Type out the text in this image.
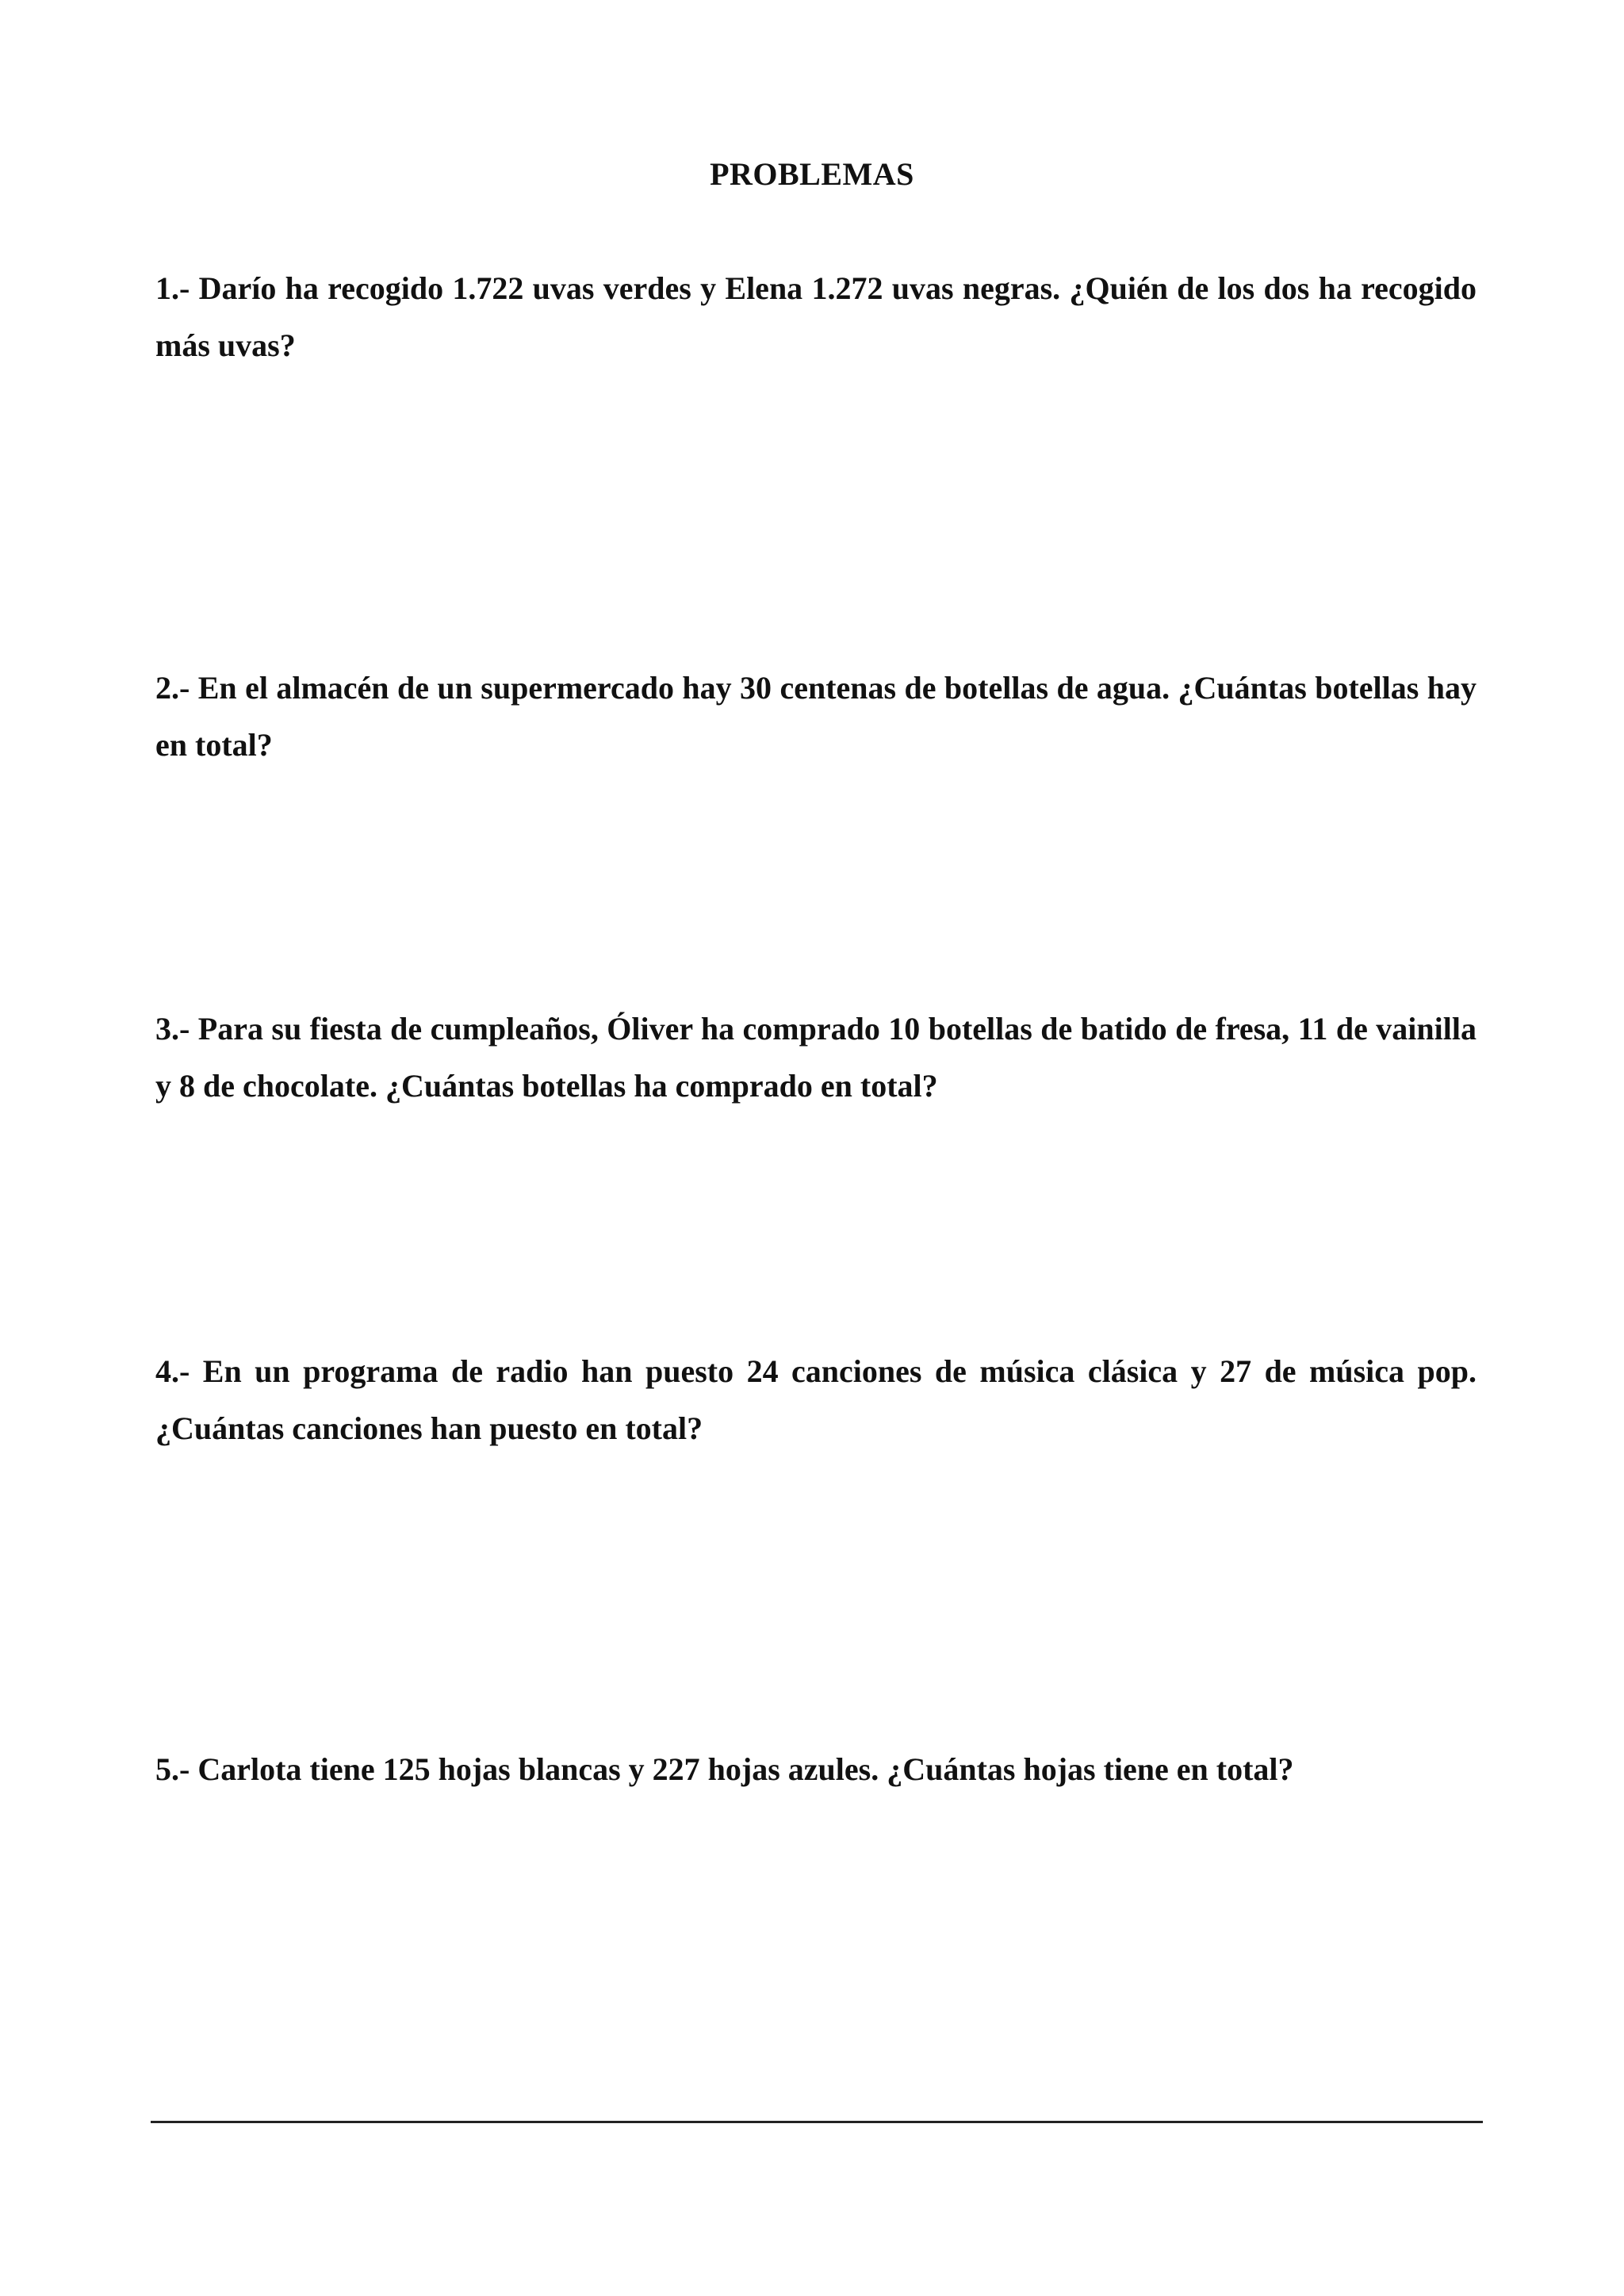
PROBLEMAS

1.- Darío ha recogido 1.722 uvas verdes y Elena 1.272 uvas negras. ¿Quién de los dos ha recogido más uvas?

2.- En el almacén de un supermercado hay 30 centenas de botellas de agua. ¿Cuántas botellas hay en total?

3.- Para su fiesta de cumpleaños, Óliver ha comprado 10 botellas de batido de fresa, 11 de vainilla y 8 de chocolate. ¿Cuántas botellas ha comprado en total?

4.- En un programa de radio han puesto 24 canciones de música clásica y 27 de música pop. ¿Cuántas canciones han puesto en total?

5.- Carlota tiene 125 hojas blancas y 227 hojas azules. ¿Cuántas hojas tiene en total?
